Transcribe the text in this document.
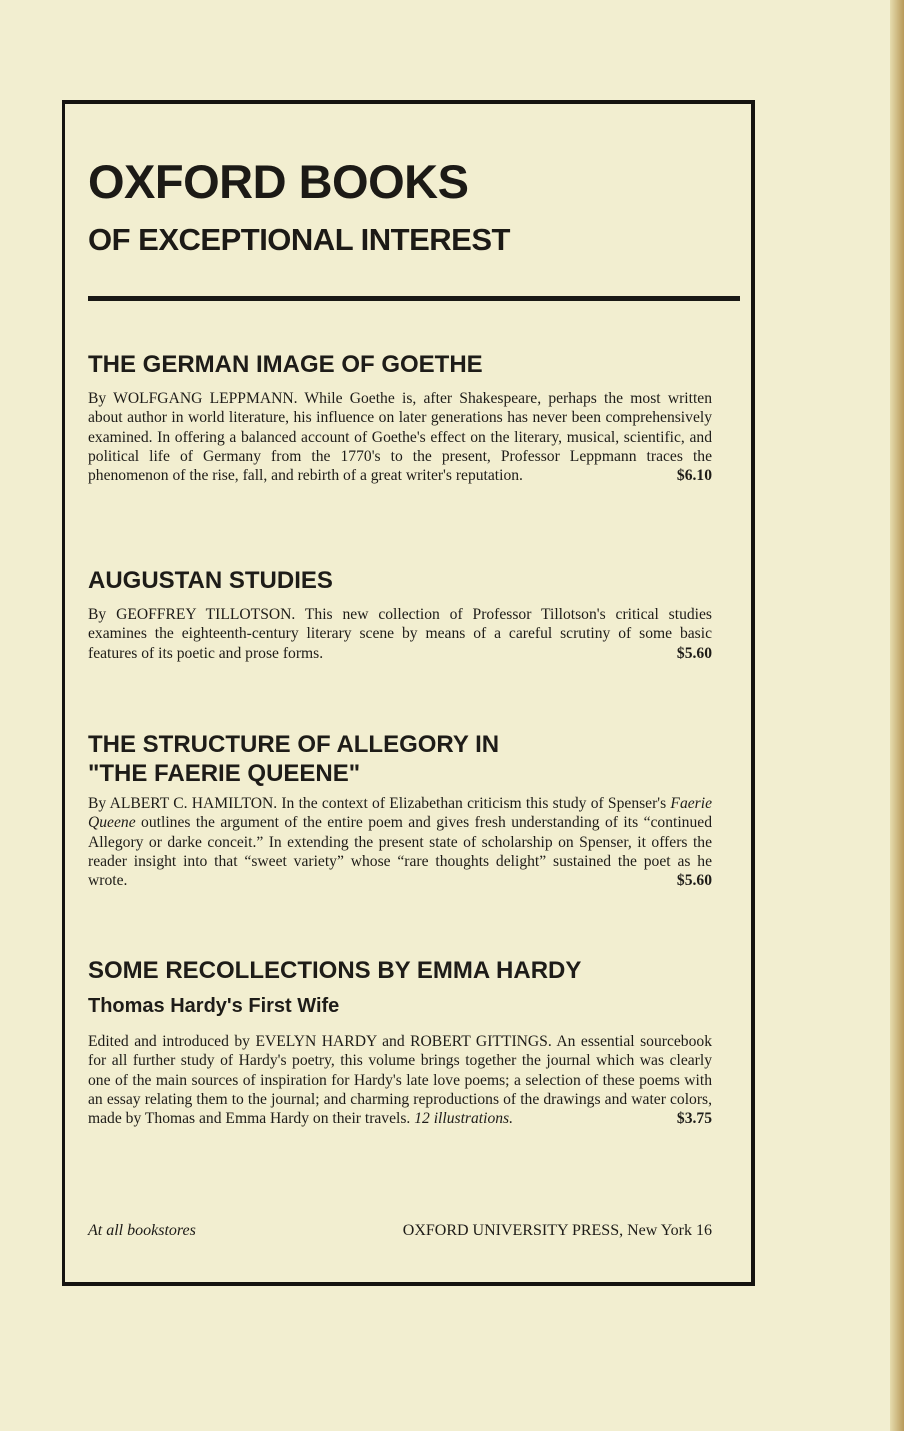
OXFORD BOOKS
OF EXCEPTIONAL INTEREST
THE GERMAN IMAGE OF GOETHE

By WOLFGANG LEPPMANN. While Goethe is, after Shakespeare, perhaps the most written about author in world literature, his influence on later generations has never been comprehensively examined. In offering a balanced account of Goethe's effect on the literary, musical, scientific, and political life of Germany from the 1770's to the present, Professor Leppmann traces the phenomenon of the rise, fall, and rebirth of a great writer's reputation.	$6.10

AUGUSTAN STUDIES

By GEOFFREY TILLOTSON. This new collection of Professor Tillotson's critical studies examines the eighteenth-century literary scene by means of a careful scrutiny of some basic features of its poetic and prose forms.	$5.60

THE STRUCTURE OF ALLEGORY IN "THE FAERIE QUEENE"

By ALBERT C. HAMILTON. In the context of Elizabethan criticism this study of Spenser's Faerie Queene outlines the argument of the entire poem and gives fresh understanding of its “continued Allegory or darke conceit.” In extending the present state of scholarship on Spenser, it offers the reader insight into that “sweet variety” whose “rare thoughts delight” sustained the poet as he wrote.	$5.60

SOME RECOLLECTIONS BY EMMA HARDY
Thomas Hardy's First Wife

Edited and introduced by EVELYN HARDY and ROBERT GITTINGS. An essential sourcebook for all further study of Hardy's poetry, this volume brings together the journal which was clearly one of the main sources of inspiration for Hardy's late love poems; a selection of these poems with an essay relating them to the journal; and charming reproductions of the drawings and water colors, made by Thomas and Emma Hardy on their travels. 12 illustrations.	$3.75

At all bookstores	OXFORD UNIVERSITY PRESS, New York 16
